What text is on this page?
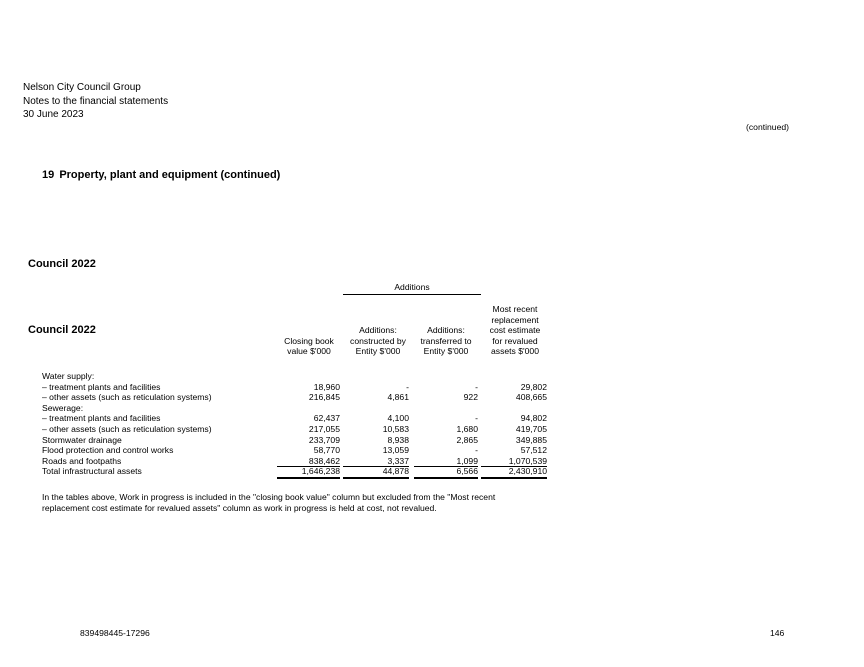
Nelson City Council Group
Notes to the financial statements
30 June 2023
(continued)
19 Property, plant and equipment (continued)
Council 2022
Additions
Council 2022
Closing book value $'000
Additions: constructed by Entity $'000
Additions: transferred to Entity $'000
Most recent replacement cost estimate for revalued assets $'000
Water supply:
– treatment plants and facilities	18,960	-	-	29,802
– other assets (such as reticulation systems)	216,845	4,861	922	408,665
Sewerage:
– treatment plants and facilities	62,437	4,100	-	94,802
– other assets (such as reticulation systems)	217,055	10,583	1,680	419,705
Stormwater drainage	233,709	8,938	2,865	349,885
Flood protection and control works	58,770	13,059	-	57,512
Roads and footpaths	838,462	3,337	1,099	1,070,539
Total infrastructural assets	1,646,238	44,878	6,566	2,430,910
In the tables above, Work in progress is included in the "closing book value" column but excluded from the "Most recent replacement cost estimate for revalued assets" column as work in progress is held at cost, not revalued.
839498445-17296	146
